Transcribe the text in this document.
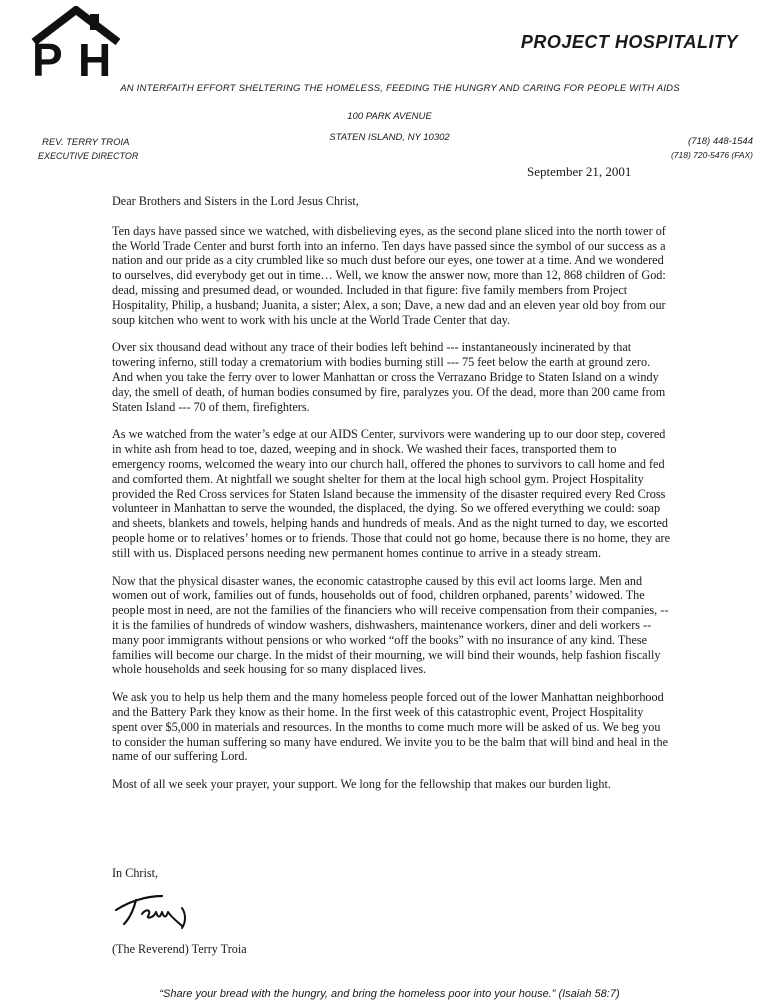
P H	PROJECT HOSPITALITY
AN INTERFAITH EFFORT SHELTERING THE HOMELESS, FEEDING THE HUNGRY AND CARING FOR PEOPLE WITH AIDS
100 PARK AVENUE
STATEN ISLAND, NY 10302
REV. TERRY TROIA
EXECUTIVE DIRECTOR
(718) 448-1544
(718) 720-5476 (FAX)
September 21, 2001

Dear Brothers and Sisters in the Lord Jesus Christ,

Ten days have passed since we watched, with disbelieving eyes, as the second plane sliced into the north tower of the World Trade Center and burst forth into an inferno. Ten days have passed since the symbol of our success as a nation and our pride as a city crumbled like so much dust before our eyes, one tower at a time. And we wondered to ourselves, did everybody get out in time… Well, we know the answer now, more than 12, 868 children of God: dead, missing and presumed dead, or wounded. Included in that figure: five family members from Project Hospitality, Philip, a husband; Juanita, a sister; Alex, a son; Dave, a new dad and an eleven year old boy from our soup kitchen who went to work with his uncle at the World Trade Center that day.

Over six thousand dead without any trace of their bodies left behind --- instantaneously incinerated by that towering inferno, still today a crematorium with bodies burning still --- 75 feet below the earth at ground zero. And when you take the ferry over to lower Manhattan or cross the Verrazano Bridge to Staten Island on a windy day, the smell of death, of human bodies consumed by fire, paralyzes you. Of the dead, more than 200 came from Staten Island --- 70 of them, firefighters.

As we watched from the water’s edge at our AIDS Center, survivors were wandering up to our door step, covered in white ash from head to toe, dazed, weeping and in shock. We washed their faces, transported them to emergency rooms, welcomed the weary into our church hall, offered the phones to survivors to call home and fed and comforted them. At nightfall we sought shelter for them at the local high school gym. Project Hospitality provided the Red Cross services for Staten Island because the immensity of the disaster required every Red Cross volunteer in Manhattan to serve the wounded, the displaced, the dying. So we offered everything we could: soap and sheets, blankets and towels, helping hands and hundreds of meals. And as the night turned to day, we escorted people home or to relatives’ homes or to friends. Those that could not go home, because there is no home, they are still with us. Displaced persons needing new permanent homes continue to arrive in a steady stream.

Now that the physical disaster wanes, the economic catastrophe caused by this evil act looms large. Men and women out of work, families out of funds, households out of food, children orphaned, parents’ widowed. The people most in need, are not the families of the financiers who will receive compensation from their companies, -- it is the families of hundreds of window washers, dishwashers, maintenance workers, diner and deli workers --many poor immigrants without pensions or who worked “off the books” with no insurance of any kind. These families will become our charge. In the midst of their mourning, we will bind their wounds, help fashion fiscally whole households and seek housing for so many displaced lives.

We ask you to help us help them and the many homeless people forced out of the lower Manhattan neighborhood and the Battery Park they know as their home. In the first week of this catastrophic event, Project Hospitality spent over $5,000 in materials and resources. In the months to come much more will be asked of us. We beg you to consider the human suffering so many have endured. We invite you to be the balm that will bind and heal in the name of our suffering Lord.

Most of all we seek your prayer, your support. We long for the fellowship that makes our burden light.

In Christ,
(The Reverend) Terry Troia
“Share your bread with the hungry, and bring the homeless poor into your house.” (Isaiah 58:7)
